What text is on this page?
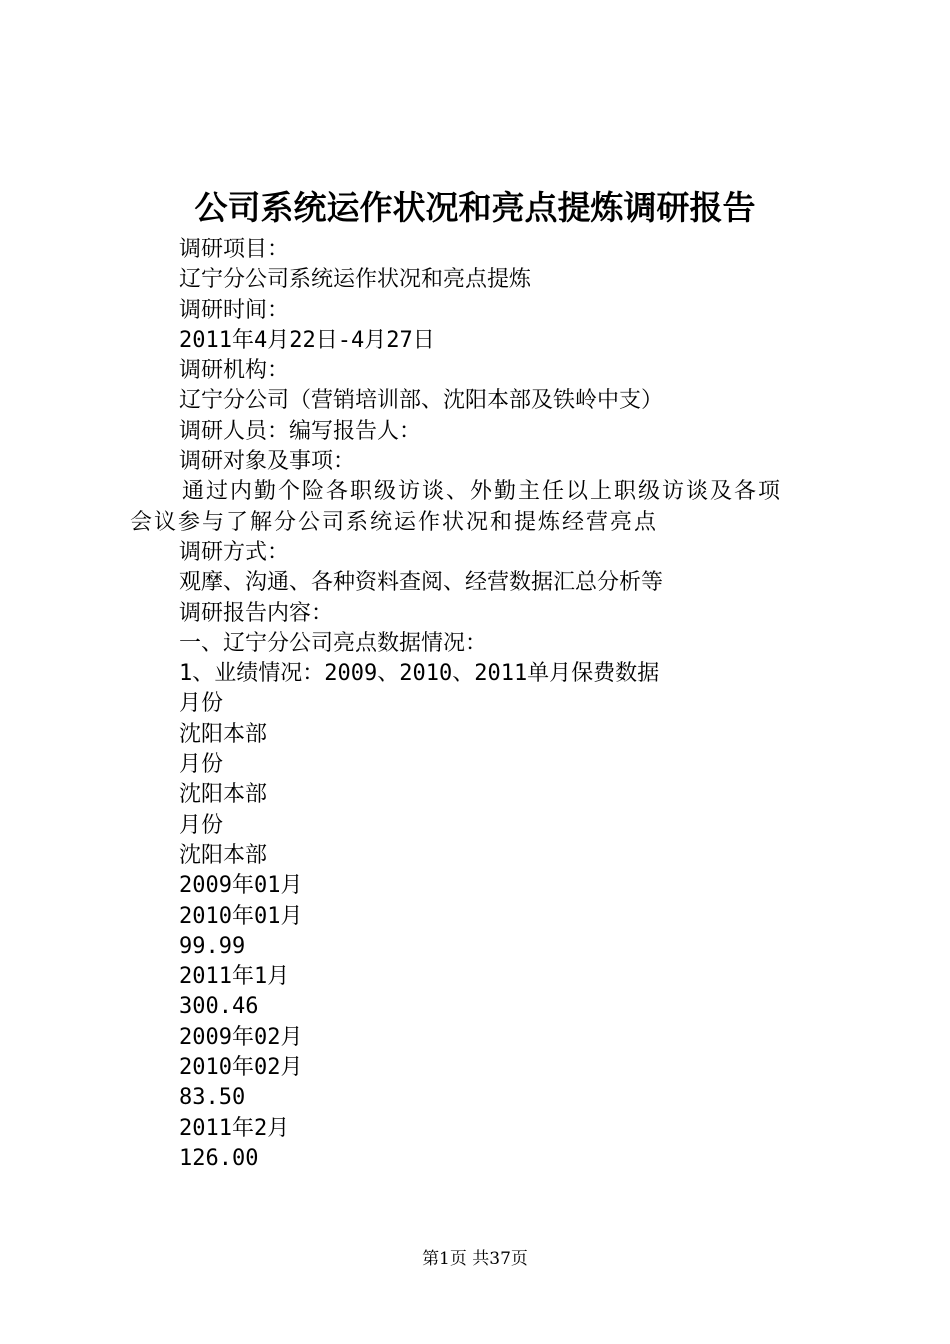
公司系统运作状况和亮点提炼调研报告
调研项目：
辽宁分公司系统运作状况和亮点提炼
调研时间：
2011年4月22日-4月27日
调研机构：
辽宁分公司（营销培训部、沈阳本部及铁岭中支）
调研人员：编写报告人：
调研对象及事项：
通过内勤个险各职级访谈、外勤主任以上职级访谈及各项
会议参与了解分公司系统运作状况和提炼经营亮点
调研方式：
观摩、沟通、各种资料查阅、经营数据汇总分析等
调研报告内容：
一、辽宁分公司亮点数据情况：
1、业绩情况：2009、2010、2011单月保费数据
月份
沈阳本部
月份
沈阳本部
月份
沈阳本部
2009年01月
2010年01月
99.99
2011年1月
300.46
2009年02月
2010年02月
83.50
2011年2月
126.00
第1页 共37页
